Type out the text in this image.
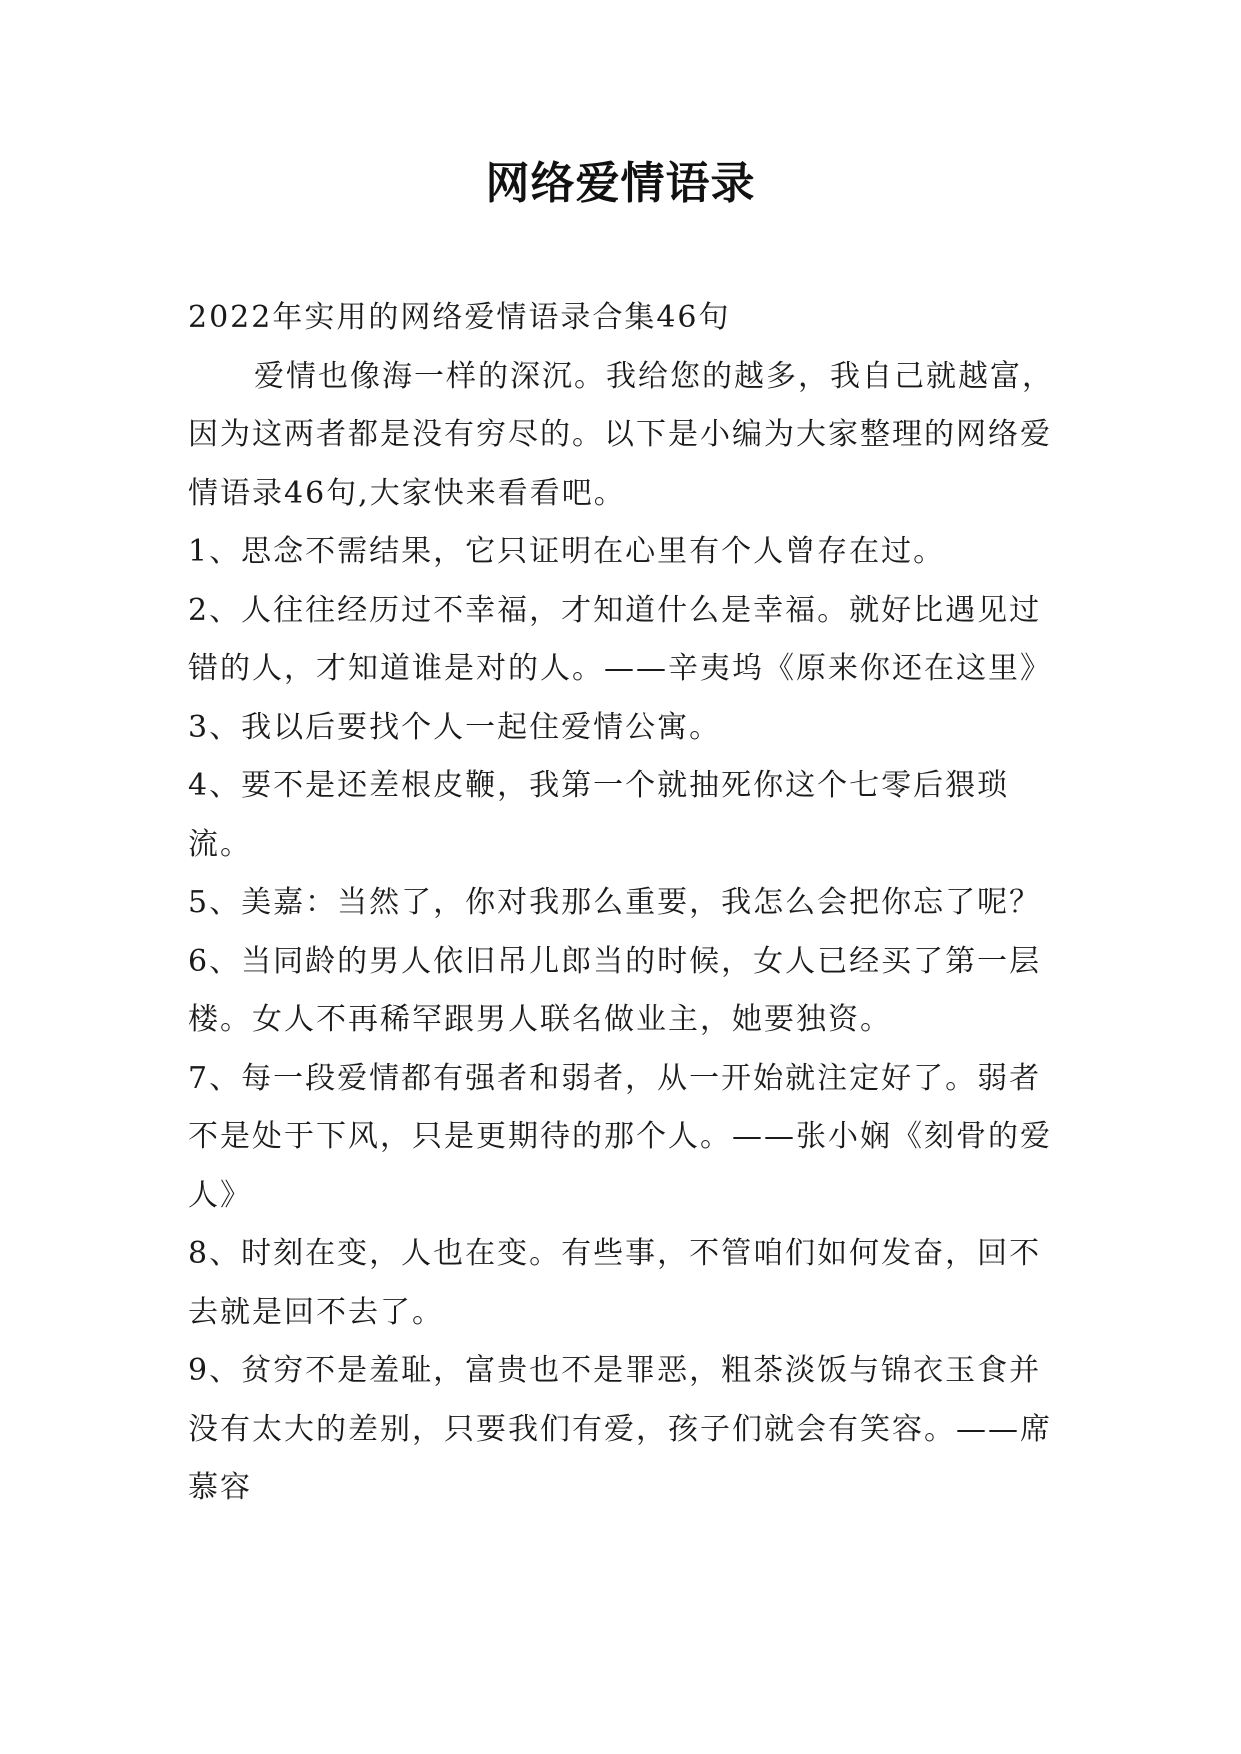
网络爱情语录

2022年实用的网络爱情语录合集46句

爱情也像海一样的深沉。我给您的越多，我自己就越富，因为这两者都是没有穷尽的。以下是小编为大家整理的网络爱情语录46句,大家快来看看吧。

1、思念不需结果，它只证明在心里有个人曾存在过。

2、人往往经历过不幸福，才知道什么是幸福。就好比遇见过错的人，才知道谁是对的人。——辛夷坞《原来你还在这里》

3、我以后要找个人一起住爱情公寓。

4、要不是还差根皮鞭，我第一个就抽死你这个七零后猥琐流。

5、美嘉：当然了，你对我那么重要，我怎么会把你忘了呢？

6、当同龄的男人依旧吊儿郎当的时候，女人已经买了第一层楼。女人不再稀罕跟男人联名做业主，她要独资。

7、每一段爱情都有强者和弱者，从一开始就注定好了。弱者不是处于下风，只是更期待的那个人。——张小娴《刻骨的爱人》

8、时刻在变，人也在变。有些事，不管咱们如何发奋，回不去就是回不去了。

9、贫穷不是羞耻，富贵也不是罪恶，粗茶淡饭与锦衣玉食并没有太大的差别，只要我们有爱，孩子们就会有笑容。——席慕容
